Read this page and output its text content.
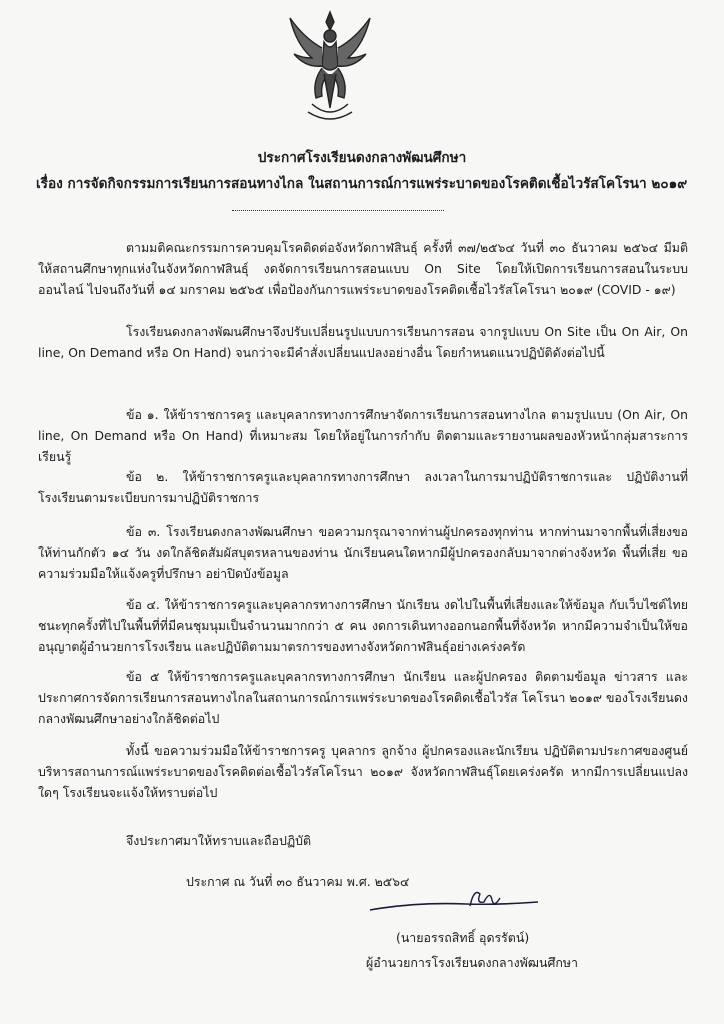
ประกาศโรงเรียนดงกลางพัฒนศึกษา
เรื่อง การจัดกิจกรรมการเรียนการสอนทางไกล ในสถานการณ์การแพร่ระบาดของโรคติดเชื้อไวรัสโคโรนา ๒๐๑๙

ตามมติคณะกรรมการควบคุมโรคติดต่อจังหวัดกาฬสินธุ์ ครั้งที่ ๓๗/๒๕๖๔ วันที่ ๓๐ ธันวาคม ๒๕๖๔ มีมติให้สถานศึกษาทุกแห่งในจังหวัดกาฬสินธุ์ งดจัดการเรียนการสอนแบบ On Site โดยให้เปิดการเรียนการสอนในระบบออนไลน์ ไปจนถึงวันที่ ๑๔ มกราคม ๒๕๖๕ เพื่อป้องกันการแพร่ระบาดของโรคติดเชื้อไวรัสโคโรนา ๒๐๑๙ (COVID - ๑๙)

โรงเรียนดงกลางพัฒนศึกษาจึงปรับเปลี่ยนรูปแบบการเรียนการสอน จากรูปแบบ On Site เป็น On Air, On line, On Demand หรือ On Hand) จนกว่าจะมีคำสั่งเปลี่ยนแปลงอย่างอื่น โดยกำหนดแนวปฏิบัติดังต่อไปนี้

ข้อ ๑. ให้ข้าราชการครู และบุคลากรทางการศึกษาจัดการเรียนการสอนทางไกล ตามรูปแบบ (On Air, On line, On Demand หรือ On Hand) ที่เหมาะสม โดยให้อยู่ในการกำกับ ติดตามและรายงานผลของหัวหน้ากลุ่มสาระการเรียนรู้

ข้อ ๒. ให้ข้าราชการครูและบุคลากรทางการศึกษา ลงเวลาในการมาปฏิบัติราชการและ ปฏิบัติงานที่โรงเรียนตามระเบียบการมาปฏิบัติราชการ

ข้อ ๓. โรงเรียนดงกลางพัฒนศึกษา ขอความกรุณาจากท่านผู้ปกครองทุกท่าน หากท่านมาจากพื้นที่เสี่ยงขอให้ท่านกักตัว ๑๔ วัน งดใกล้ชิดสัมผัสบุตรหลานของท่าน นักเรียนคนใดหากมีผู้ปกครองกลับมาจากต่างจังหวัด พื้นที่เสี่ย ขอความร่วมมือให้แจ้งครูที่ปรึกษา อย่าปิดบังข้อมูล

ข้อ ๔. ให้ข้าราชการครูและบุคลากรทางการศึกษา นักเรียน งดไปในพื้นที่เสี่ยงและให้ข้อมูล กับเว็บไซต์ไทยชนะทุกครั้งที่ไปในพื้นที่ที่มีคนชุมนุมเป็นจำนวนมากกว่า ๕ คน งดการเดินทางออกนอกพื้นที่จังหวัด หากมีความจำเป็นให้ขออนุญาตผู้อำนวยการโรงเรียน และปฏิบัติตามมาตรการของทางจังหวัดกาฬสินธุ์อย่างเคร่งครัด

ข้อ ๕ ให้ข้าราชการครูและบุคลากรทางการศึกษา นักเรียน และผู้ปกครอง ติดตามข้อมูล ข่าวสาร และประกาศการจัดการเรียนการสอนทางไกลในสถานการณ์การแพร่ระบาดของโรคติดเชื้อไวรัส โคโรนา ๒๐๑๙ ของโรงเรียนดงกลางพัฒนศึกษาอย่างใกล้ชิดต่อไป

ทั้งนี้ ขอความร่วมมือให้ข้าราชการครู บุคลากร ลูกจ้าง ผู้ปกครองและนักเรียน ปฏิบัติตามประกาศของศูนย์บริหารสถานการณ์แพร่ระบาดของโรคติดต่อเชื้อไวรัสโคโรนา ๒๐๑๙ จังหวัดกาฬสินธุ์โดยเคร่งครัด หากมีการเปลี่ยนแปลงใดๆ โรงเรียนจะแจ้งให้ทราบต่อไป

จึงประกาศมาให้ทราบและถือปฏิบัติ

ประกาศ ณ วันที่ ๓๐ ธันวาคม พ.ศ. ๒๕๖๔

(นายอรรถสิทธิ์ อุดรรัตน์)

ผู้อำนวยการโรงเรียนดงกลางพัฒนศึกษา
